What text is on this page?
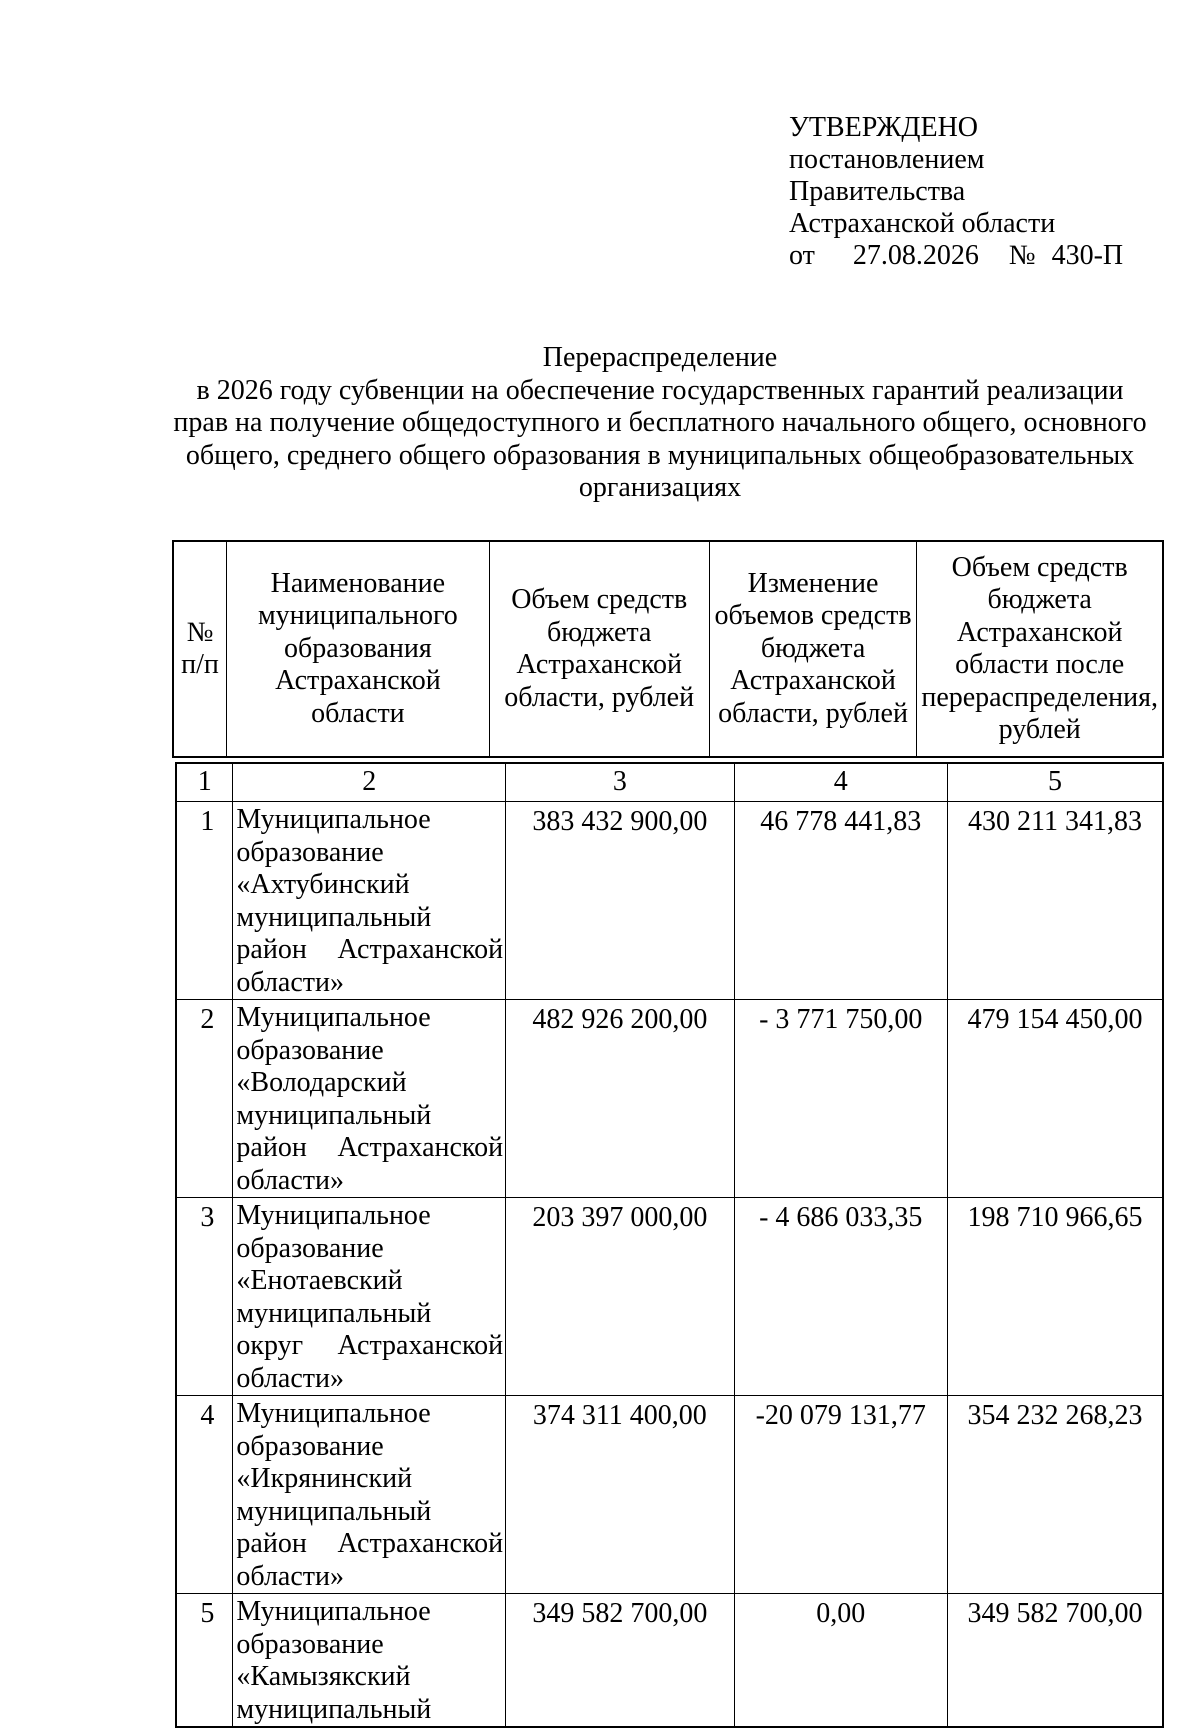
УТВЕРЖДЕНО
постановлением
Правительства
Астраханской области
от 27.08.2026 № 430-П
Перераспределение
в 2026 году субвенции на обеспечение государственных гарантий реализации прав на получение общедоступного и бесплатного начального общего, основного общего, среднего общего образования в муниципальных общеобразовательных организациях
№ п/п	Наименование муниципального образования Астраханской области	Объем средств бюджета Астраханской области, рублей	Изменение объемов средств бюджета Астраханской области, рублей	Объем средств бюджета Астраханской области после перераспределения, рублей
1	2	3	4	5
1	Муниципальное образование «Ахтубинский муниципальный район Астраханской области»	383 432 900,00	46 778 441,83	430 211 341,83
2	Муниципальное образование «Володарский муниципальный район Астраханской области»	482 926 200,00	- 3 771 750,00	479 154 450,00
3	Муниципальное образование «Енотаевский муниципальный округ Астраханской области»	203 397 000,00	- 4 686 033,35	198 710 966,65
4	Муниципальное образование «Икрянинский муниципальный район Астраханской области»	374 311 400,00	-20 079 131,77	354 232 268,23
5	Муниципальное образование «Камызякский муниципальный	349 582 700,00	0,00	349 582 700,00
